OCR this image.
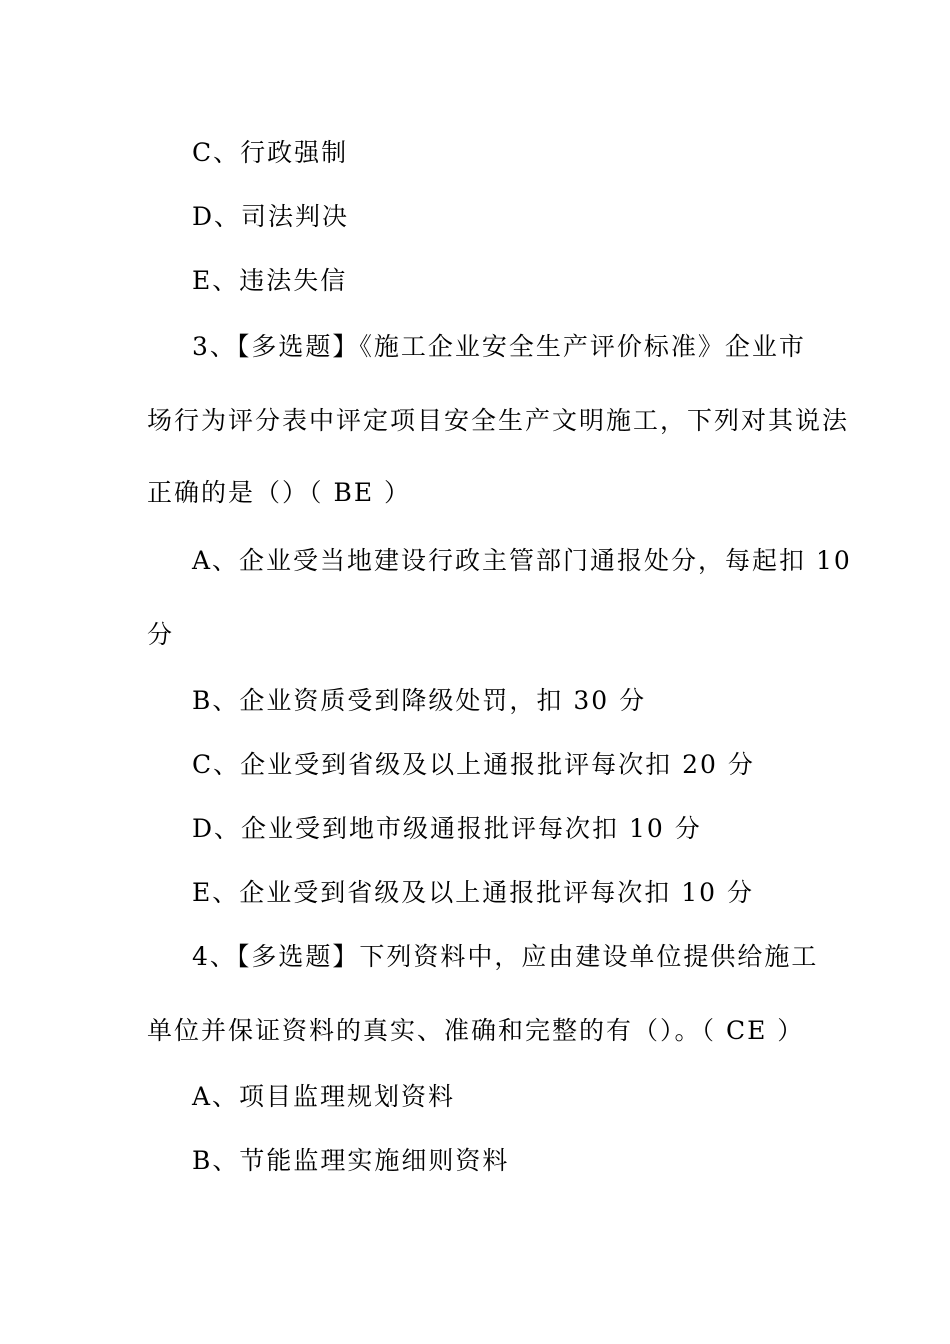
C、行政强制
D、司法判决
E、违法失信
3、【多选题】《施工企业安全生产评价标准》企业市
场行为评分表中评定项目安全生产文明施工，下列对其说法
正确的是（）（ BE ）
A、企业受当地建设行政主管部门通报处分，每起扣 10
分
B、企业资质受到降级处罚，扣 30 分
C、企业受到省级及以上通报批评每次扣 20 分
D、企业受到地市级通报批评每次扣 10 分
E、企业受到省级及以上通报批评每次扣 10 分
4、【多选题】下列资料中，应由建设单位提供给施工
单位并保证资料的真实、准确和完整的有（）。（ CE ）
A、项目监理规划资料
B、节能监理实施细则资料
